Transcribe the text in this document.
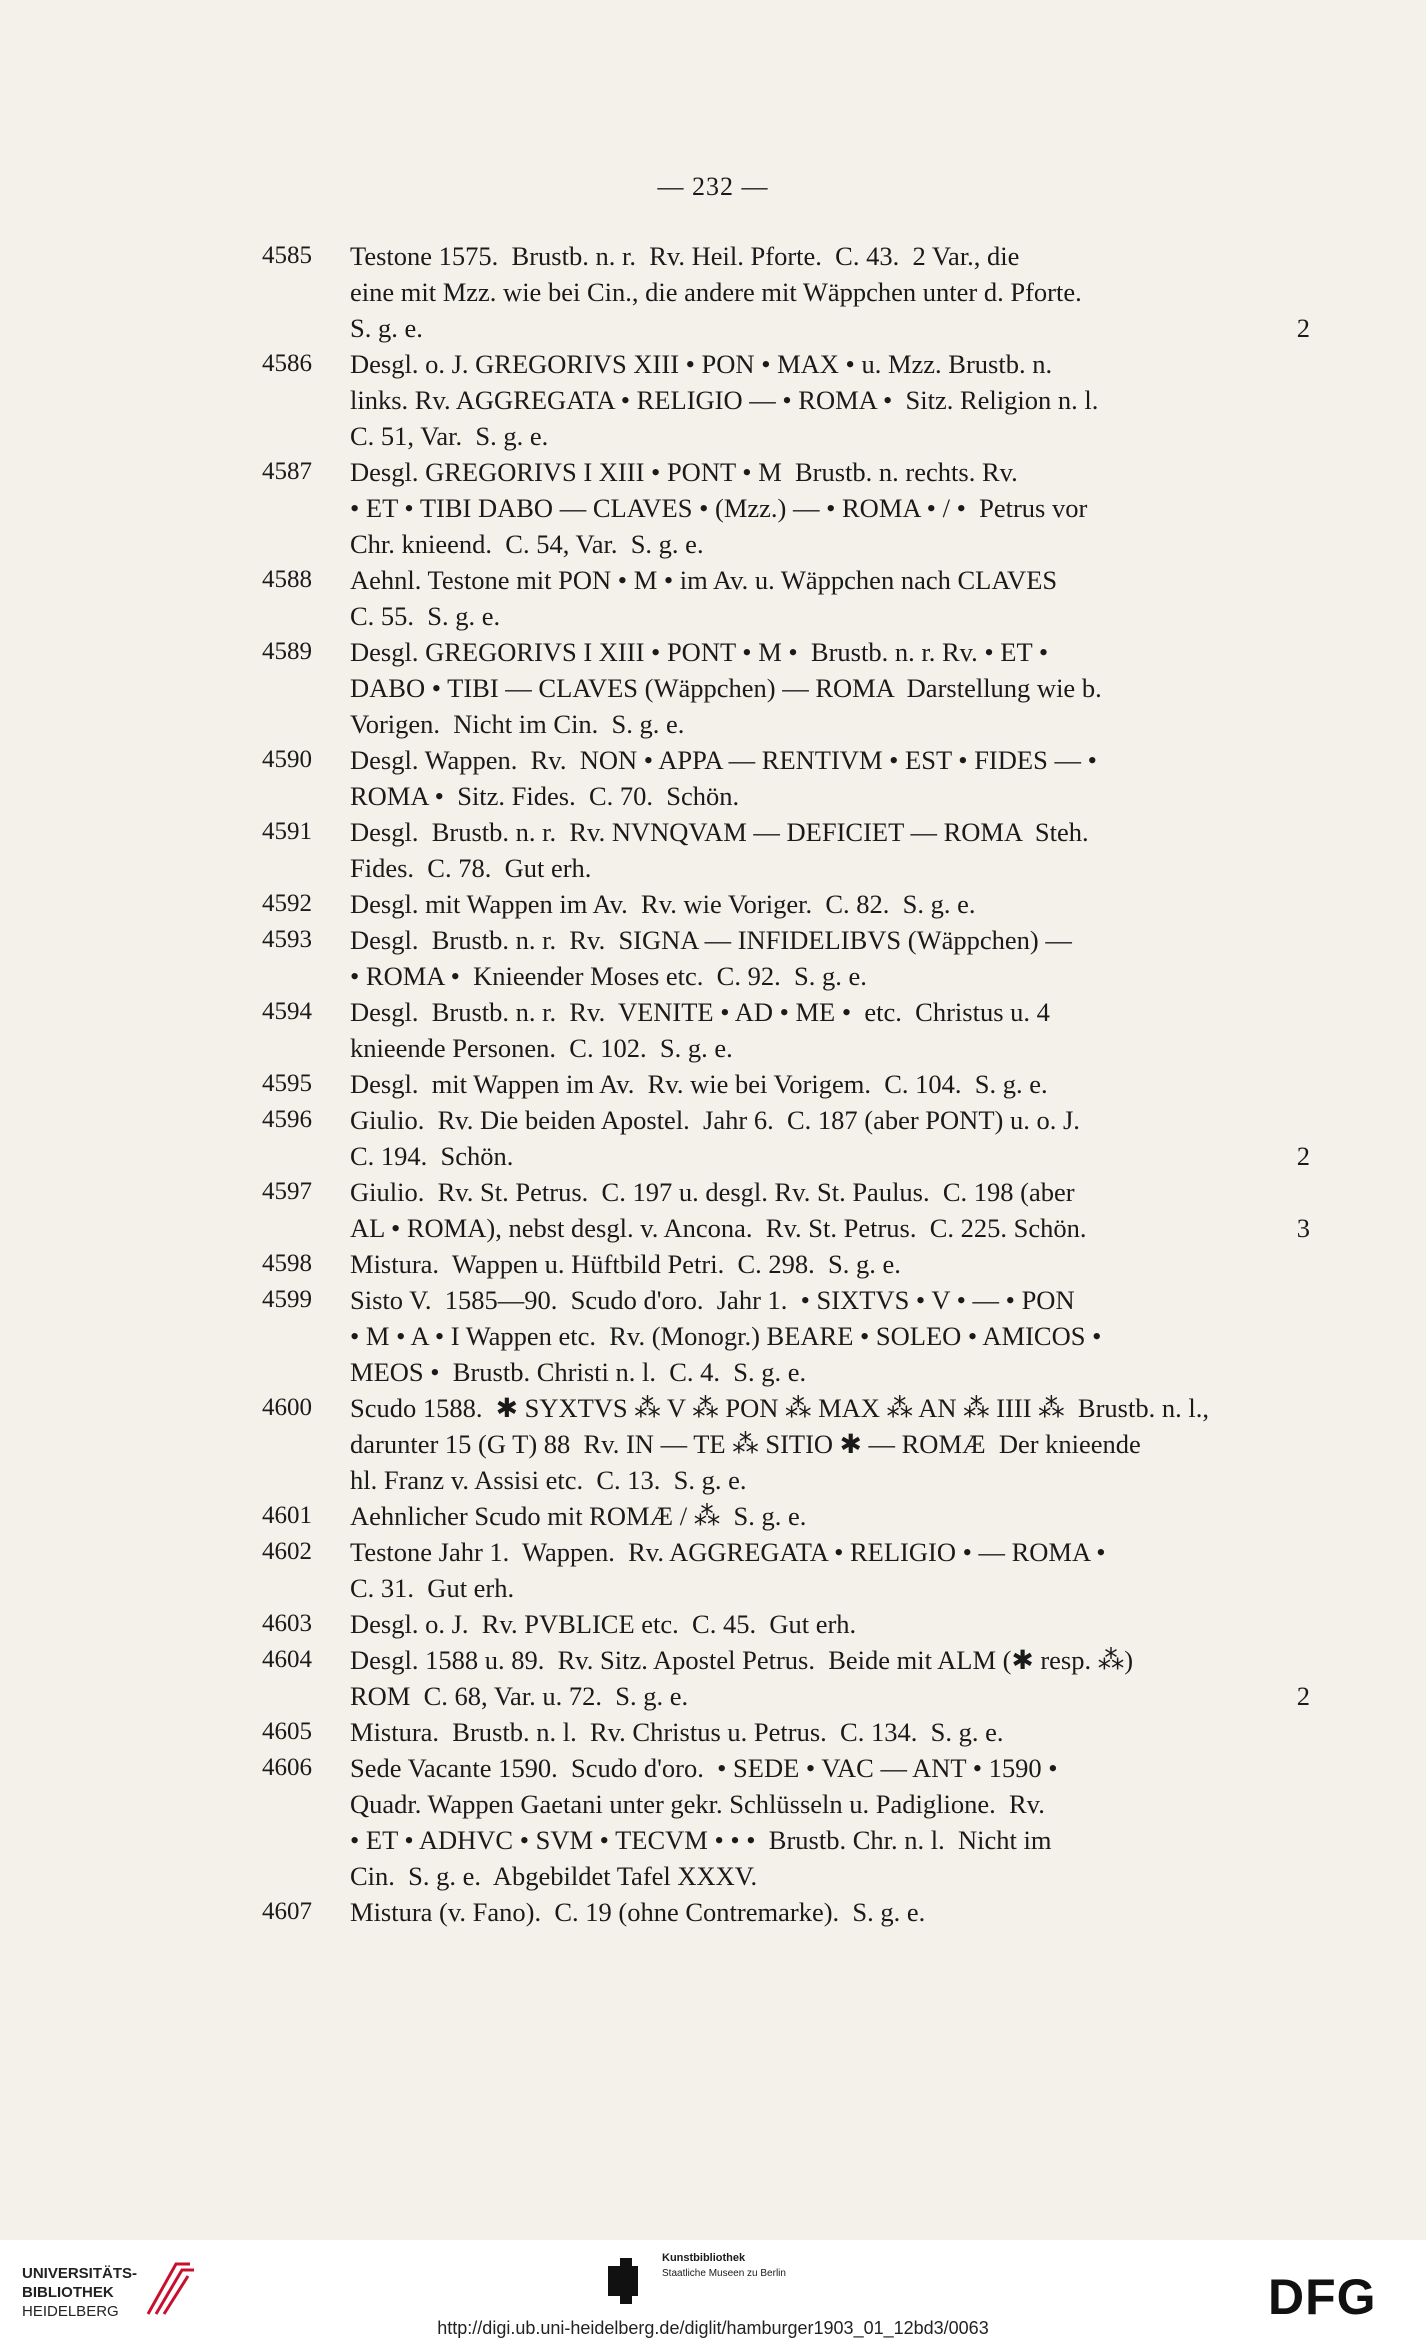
— 232 —
4585	Testone 1575.  Brustb. n. r.  Rv. Heil. Pforte.  C. 43.  2 Var., die
eine mit Mzz. wie bei Cin., die andere mit Wäppchen unter d. Pforte.
S. g. e.	2
4586	Desgl. o. J. GREGORIVS XIII • PON • MAX • u. Mzz. Brustb. n.
links. Rv. AGGREGATA • RELIGIO — • ROMA •  Sitz. Religion n. l.
C. 51, Var.  S. g. e.
4587	Desgl. GREGORIVS I XIII • PONT • M  Brustb. n. rechts. Rv.
• ET • TIBI DABO — CLAVES • (Mzz.) — • ROMA • / •  Petrus vor
Chr. knieend.  C. 54, Var.  S. g. e.
4588	Aehnl. Testone mit PON • M • im Av. u. Wäppchen nach CLAVES
C. 55.  S. g. e.
4589	Desgl. GREGORIVS I XIII • PONT • M •  Brustb. n. r. Rv. • ET •
DABO • TIBI — CLAVES (Wäppchen) — ROMA  Darstellung wie b.
Vorigen.  Nicht im Cin.  S. g. e.
4590	Desgl. Wappen.  Rv.  NON • APPA — RENTIVM • EST • FIDES — •
ROMA •  Sitz. Fides.  C. 70.  Schön.
4591	Desgl.  Brustb. n. r.  Rv. NVNQVAM — DEFICIET — ROMA  Steh.
Fides.  C. 78.  Gut erh.
4592	Desgl. mit Wappen im Av.  Rv. wie Voriger.  C. 82.  S. g. e.
4593	Desgl.  Brustb. n. r.  Rv.  SIGNA — INFIDELIBVS (Wäppchen) —
• ROMA •  Knieender Moses etc.  C. 92.  S. g. e.
4594	Desgl.  Brustb. n. r.  Rv.  VENITE • AD • ME •  etc.  Christus u. 4
knieende Personen.  C. 102.  S. g. e.
4595	Desgl.  mit Wappen im Av.  Rv. wie bei Vorigem.  C. 104.  S. g. e.
4596	Giulio.  Rv. Die beiden Apostel.  Jahr 6.  C. 187 (aber PONT) u. o. J.
C. 194.  Schön.	2
4597	Giulio.  Rv. St. Petrus.  C. 197 u. desgl. Rv. St. Paulus.  C. 198 (aber
AL • ROMA), nebst desgl. v. Ancona.  Rv. St. Petrus.  C. 225. Schön.	3
4598	Mistura.  Wappen u. Hüftbild Petri.  C. 298.  S. g. e.
4599	Sisto V.  1585—90.  Scudo d'oro.  Jahr 1.  • SIXTVS • V • — • PON
• M • A • I Wappen etc.  Rv. (Monogr.) BEARE • SOLEO • AMICOS •
MEOS •  Brustb. Christi n. l.  C. 4.  S. g. e.
4600	Scudo 1588.  ✱ SYXTVS ⁂ V ⁂ PON ⁂ MAX ⁂ AN ⁂ IIII ⁂  Brustb. n. l.,
darunter 15 (G T) 88  Rv. IN — TE ⁂ SITIO ✱ — ROMÆ  Der knieende
hl. Franz v. Assisi etc.  C. 13.  S. g. e.
4601	Aehnlicher Scudo mit ROMÆ / ⁂  S. g. e.
4602	Testone Jahr 1.  Wappen.  Rv. AGGREGATA • RELIGIO • — ROMA •
C. 31.  Gut erh.
4603	Desgl. o. J.  Rv. PVBLICE etc.  C. 45.  Gut erh.
4604	Desgl. 1588 u. 89.  Rv. Sitz. Apostel Petrus.  Beide mit ALM (✱ resp. ⁂)
ROM  C. 68, Var. u. 72.  S. g. e.	2
4605	Mistura.  Brustb. n. l.  Rv. Christus u. Petrus.  C. 134.  S. g. e.
4606	Sede Vacante 1590.  Scudo d'oro.  • SEDE • VAC — ANT • 1590 •
Quadr. Wappen Gaetani unter gekr. Schlüsseln u. Padiglione.  Rv.
• ET • ADHVC • SVM • TECVM • • •  Brustb. Chr. n. l.  Nicht im
Cin.  S. g. e.  Abgebildet Tafel XXXV.
4607	Mistura (v. Fano).  C. 19 (ohne Contremarke).  S. g. e.
UNIVERSITÄTS-
BIBLIOTHEK
HEIDELBERG
Kunstbibliothek
Staatliche Museen zu Berlin	DFG
http://digi.ub.uni-heidelberg.de/diglit/hamburger1903_01_12bd3/0063
